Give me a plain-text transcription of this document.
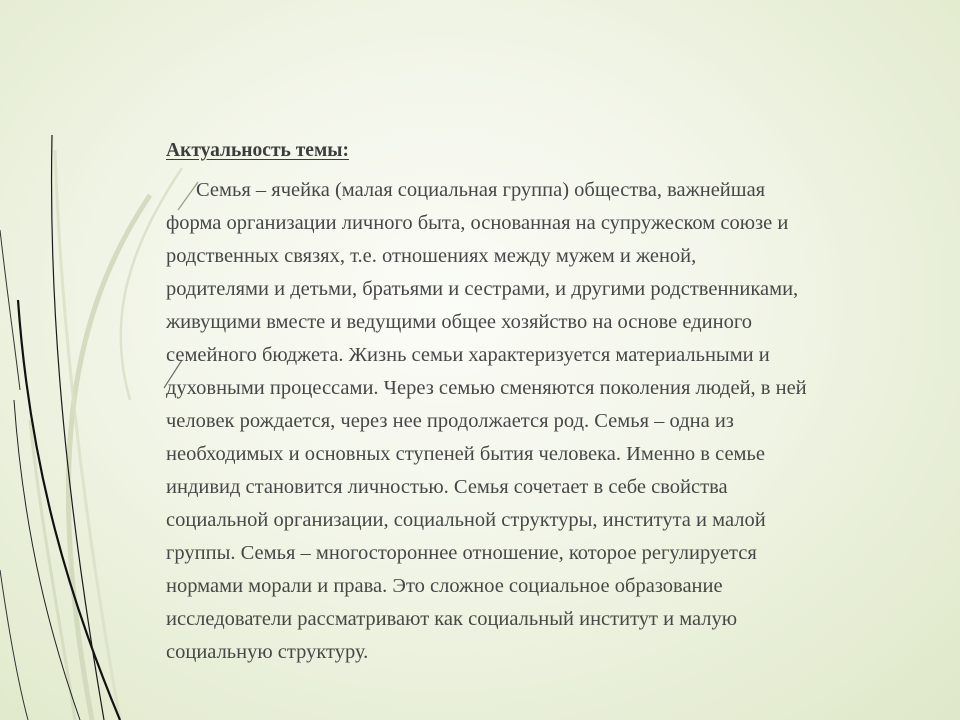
Актуальность темы:
Семья – ячейка (малая социальная группа) общества, важнейшая
форма организации личного быта, основанная на супружеском союзе и
родственных связях, т.е. отношениях между мужем и женой,
родителями и детьми, братьями и сестрами, и другими родственниками,
живущими вместе и ведущими общее хозяйство на основе единого
семейного бюджета. Жизнь семьи характеризуется материальными и
духовными процессами. Через семью сменяются поколения людей, в ней
человек рождается, через нее продолжается род. Семья – одна из
необходимых и основных ступеней бытия человека. Именно в семье
индивид становится личностью. Семья сочетает в себе свойства
социальной организации, социальной структуры, института и малой
группы. Семья – многостороннее отношение, которое регулируется
нормами морали и права. Это сложное социальное образование
исследователи рассматривают как социальный институт и малую
социальную структуру.
